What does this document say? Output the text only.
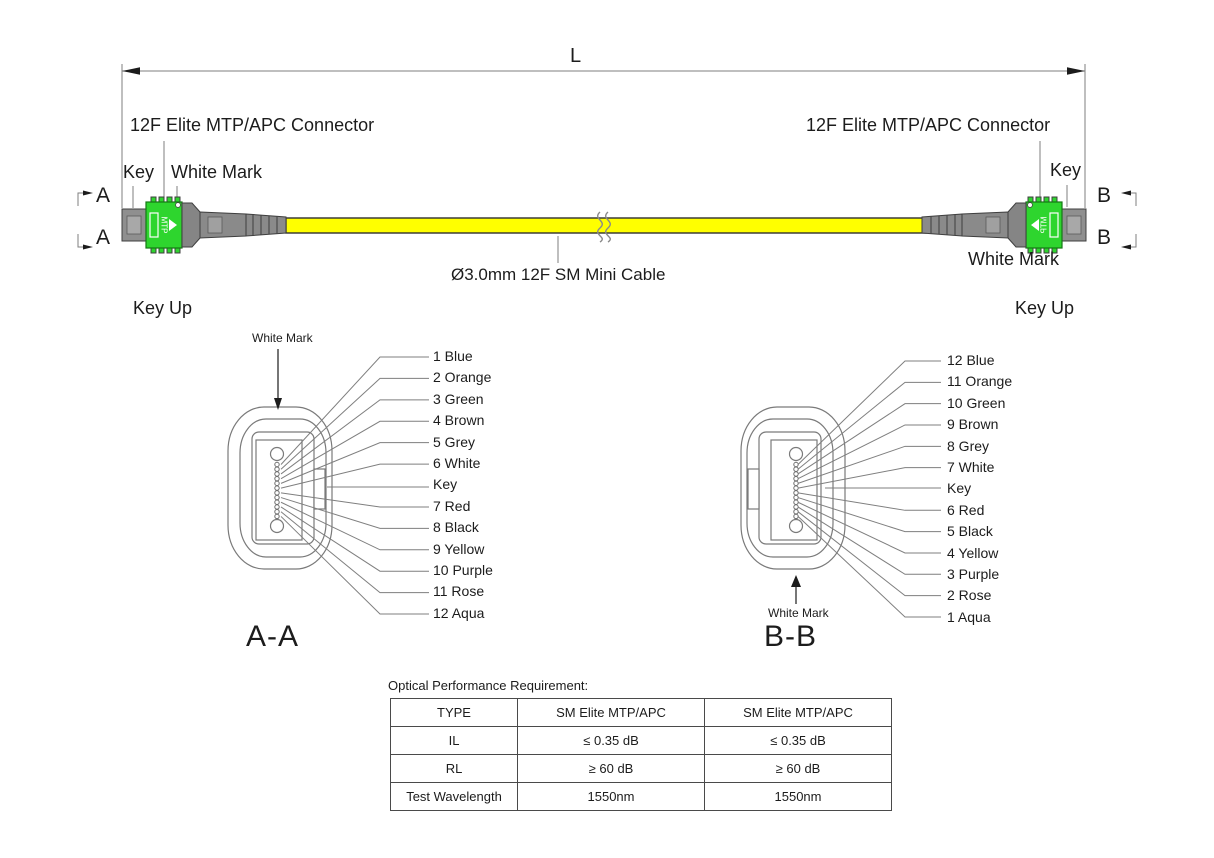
MTP	MTP
L
12F Elite MTP/APC Connector	12F Elite MTP/APC Connector
Key White Mark	Key
White Mark
A
A
B
B
Key Up	Key Up
Ø3.0mm 12F SM Mini Cable
White Mark
White Mark
1 Blue
2 Orange
3 Green
4 Brown
5 Grey
6 White
Key
7 Red
8 Black
9 Yellow
10 Purple
11 Rose
12 Aqua
12 Blue
11 Orange
10 Green
9 Brown
8 Grey
7 White
Key
6 Red
5 Black
4 Yellow
3 Purple
2 Rose
1 Aqua
A-A	B-B
Optical Performance Requirement:
TYPE	SM Elite MTP/APC	SM Elite MTP/APC
IL	≤ 0.35 dB	≤ 0.35 dB
RL	≥ 60 dB	≥ 60 dB
Test Wavelength	1550nm	1550nm
